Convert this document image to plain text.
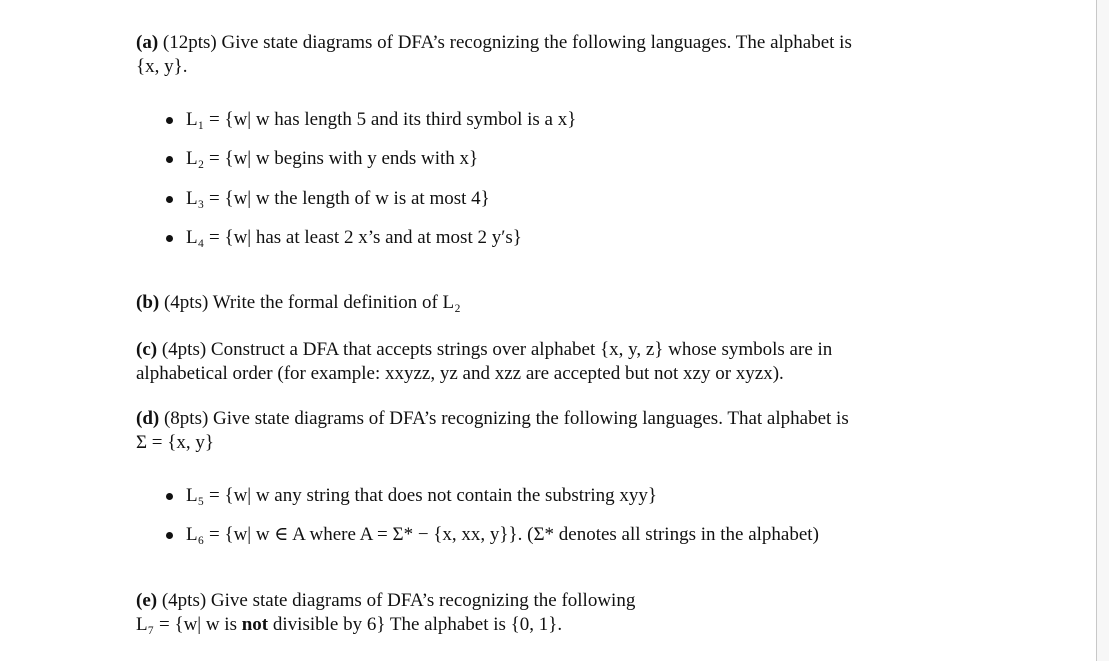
(a) (12pts) Give state diagrams of DFA’s recognizing the following languages. The alphabet is
{x, y}.
L₁ = {w| w has length 5 and its third symbol is a x}
L₂ = {w| w begins with y ends with x}
L₃ = {w| w the length of w is at most 4}
L₄ = {w| has at least 2 x’s and at most 2 y′s}
(b) (4pts) Write the formal definition of L₂
(c) (4pts) Construct a DFA that accepts strings over alphabet {x, y, z} whose symbols are in
alphabetical order (for example: xxyzz, yz and xzz are accepted but not xzy or xyzx).
(d) (8pts) Give state diagrams of DFA’s recognizing the following languages. That alphabet is
Σ = {x, y}
L₅ = {w| w any string that does not contain the substring xyy}
L₆ = {w| w ∈ A where A = Σ* − {x, xx, y}}. (Σ* denotes all strings in the alphabet)
(e) (4pts) Give state diagrams of DFA’s recognizing the following
L₇ = {w| w is not divisible by 6} The alphabet is {0, 1}.
